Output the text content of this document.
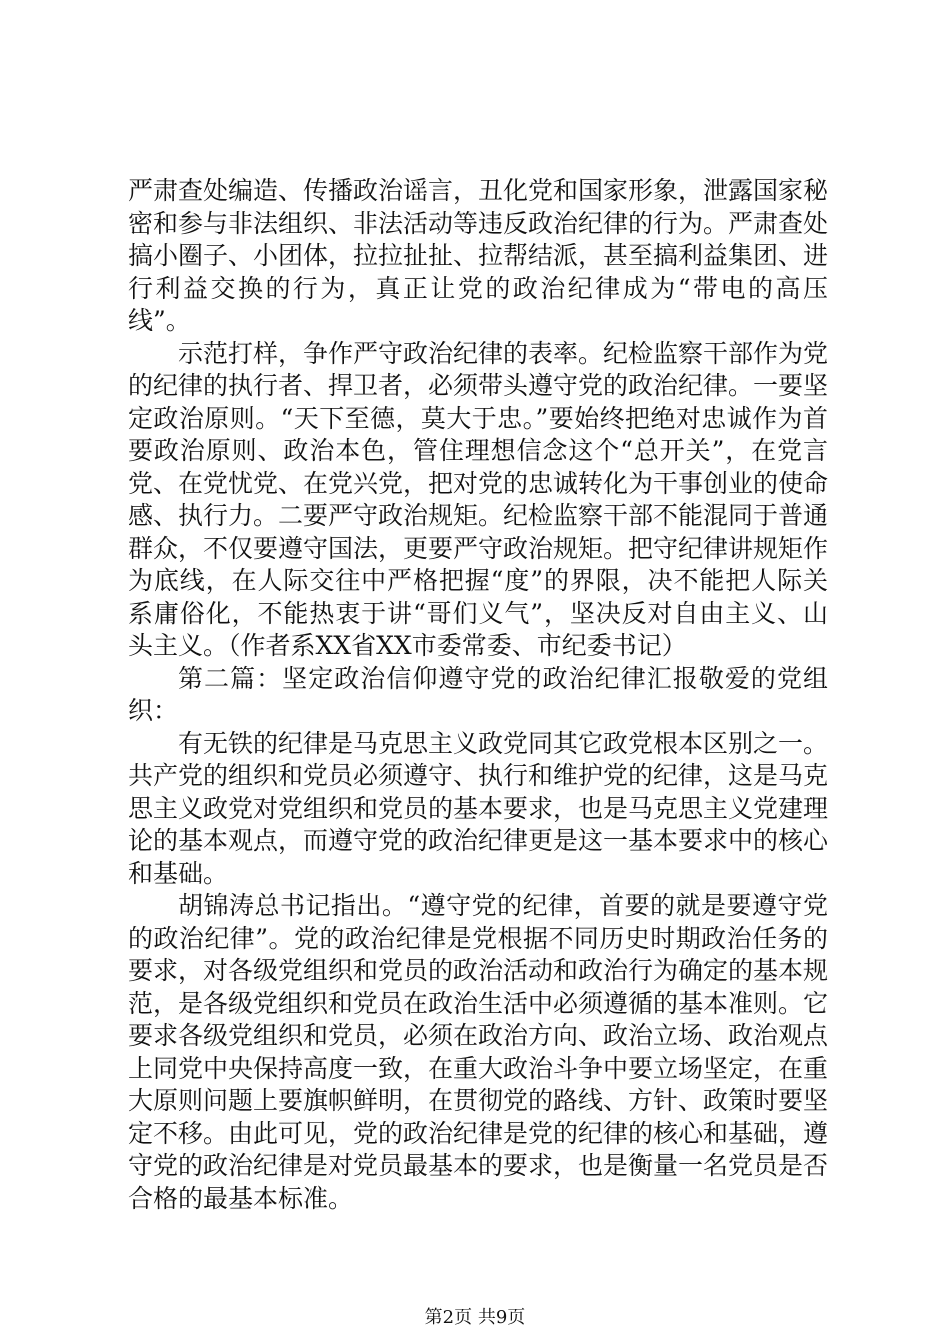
严肃查处编造、传播政治谣言，丑化党和国家形象，泄露国家秘密和参与非法组织、非法活动等违反政治纪律的行为。严肃查处搞小圈子、小团体，拉拉扯扯、拉帮结派，甚至搞利益集团、进行利益交换的行为，真正让党的政治纪律成为“带电的高压线”。

示范打样，争作严守政治纪律的表率。纪检监察干部作为党的纪律的执行者、捍卫者，必须带头遵守党的政治纪律。一要坚定政治原则。“天下至德，莫大于忠。”要始终把绝对忠诚作为首要政治原则、政治本色，管住理想信念这个“总开关”，在党言党、在党忧党、在党兴党，把对党的忠诚转化为干事创业的使命感、执行力。二要严守政治规矩。纪检监察干部不能混同于普通群众，不仅要遵守国法，更要严守政治规矩。把守纪律讲规矩作为底线，在人际交往中严格把握“度”的界限，决不能把人际关系庸俗化，不能热衷于讲“哥们义气”，坚决反对自由主义、山头主义。（作者系XX省XX市委常委、市纪委书记）

第二篇：坚定政治信仰遵守党的政治纪律汇报敬爱的党组织：

有无铁的纪律是马克思主义政党同其它政党根本区别之一。共产党的组织和党员必须遵守、执行和维护党的纪律，这是马克思主义政党对党组织和党员的基本要求，也是马克思主义党建理论的基本观点，而遵守党的政治纪律更是这一基本要求中的核心和基础。

胡锦涛总书记指出。“遵守党的纪律，首要的就是要遵守党的政治纪律”。党的政治纪律是党根据不同历史时期政治任务的要求，对各级党组织和党员的政治活动和政治行为确定的基本规范，是各级党组织和党员在政治生活中必须遵循的基本准则。它要求各级党组织和党员，必须在政治方向、政治立场、政治观点上同党中央保持高度一致，在重大政治斗争中要立场坚定，在重大原则问题上要旗帜鲜明，在贯彻党的路线、方针、政策时要坚定不移。由此可见，党的政治纪律是党的纪律的核心和基础，遵守党的政治纪律是对党员最基本的要求，也是衡量一名党员是否合格的最基本标准。

第2页 共9页
